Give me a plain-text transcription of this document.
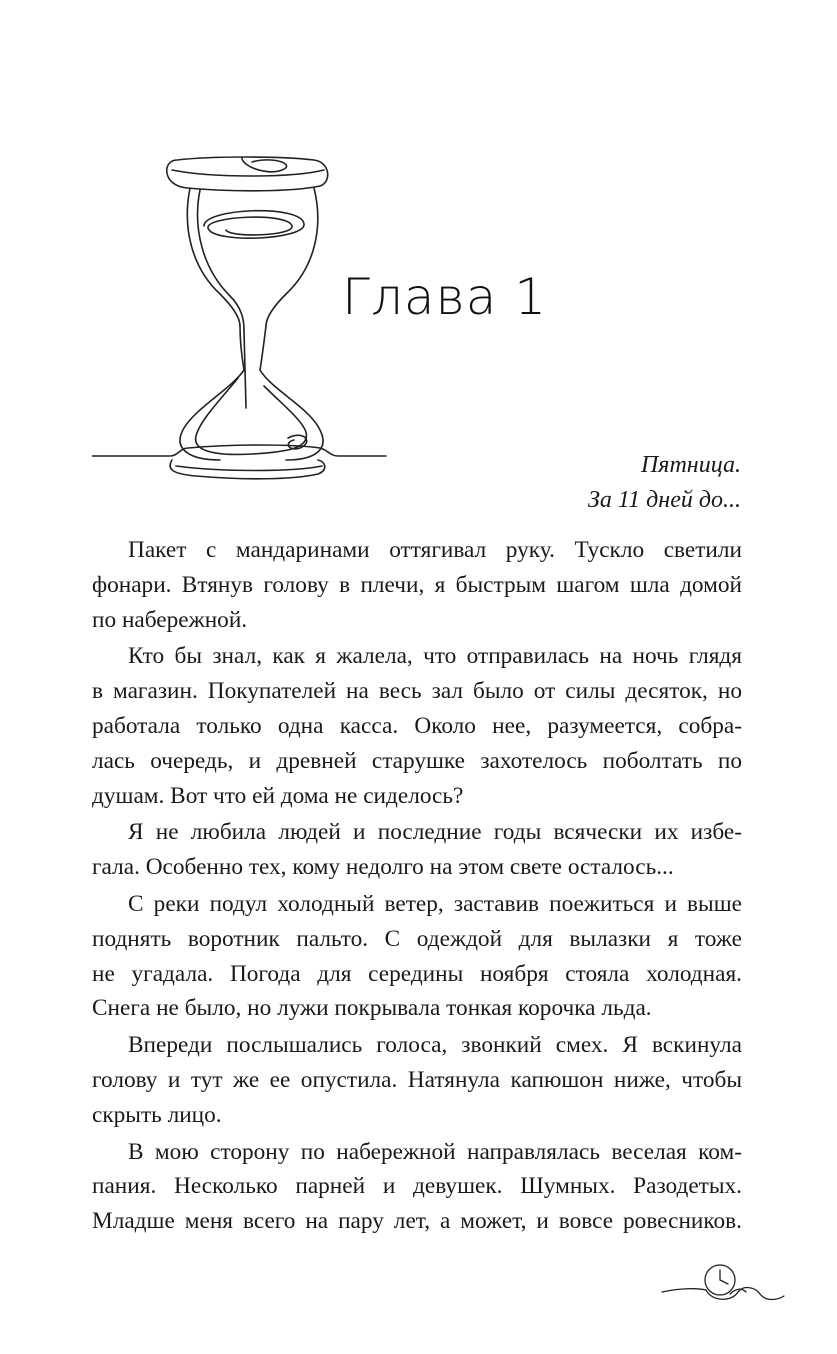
Глава 1
Пятница.
За 11 дней до...

Пакет с мандаринами оттягивал руку. Тускло светили
фонари. Втянув голову в плечи, я быстрым шагом шла домой
по набережной.

Кто бы знал, как я жалела, что отправилась на ночь глядя
в магазин. Покупателей на весь зал было от силы десяток, но
работала только одна касса. Около нее, разумеется, собра-
лась очередь, и древней старушке захотелось поболтать по
душам. Вот что ей дома не сиделось?

Я не любила людей и последние годы всячески их избе-
гала. Особенно тех, кому недолго на этом свете осталось...

С реки подул холодный ветер, заставив поежиться и выше
поднять воротник пальто. С одеждой для вылазки я тоже
не угадала. Погода для середины ноября стояла холодная.
Снега не было, но лужи покрывала тонкая корочка льда.

Впереди послышались голоса, звонкий смех. Я вскинула
голову и тут же ее опустила. Натянула капюшон ниже, чтобы
скрыть лицо.

В мою сторону по набережной направлялась веселая ком-
пания. Несколько парней и девушек. Шумных. Разодетых.
Младше меня всего на пару лет, а может, и вовсе ровесников.
